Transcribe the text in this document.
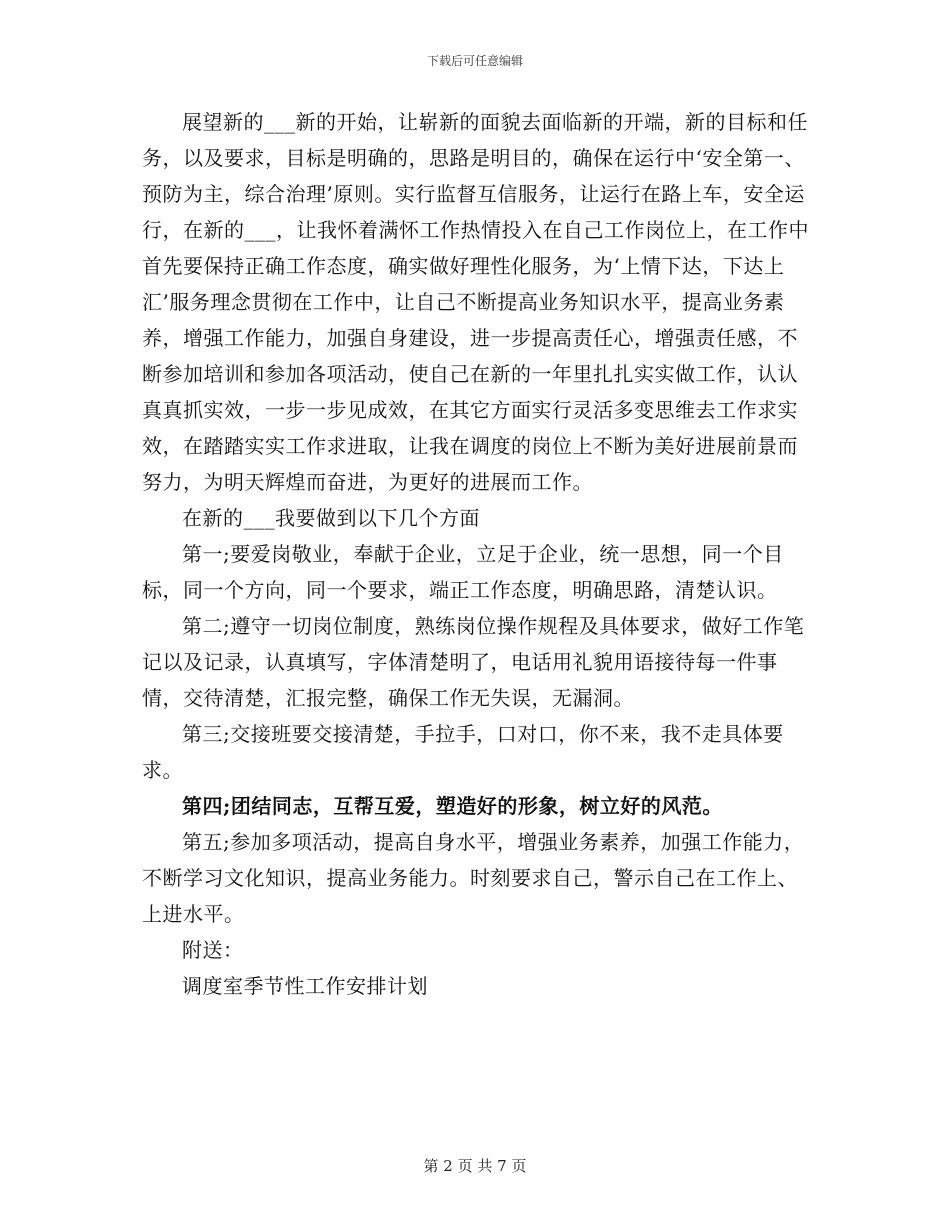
下载后可任意编辑

展望新的___新的开始，让崭新的面貌去面临新的开端，新的目标和任务，以及要求，目标是明确的，思路是明目的，确保在运行中‘安全第一、预防为主，综合治理’原则。实行监督互信服务，让运行在路上车，安全运行，在新的___，让我怀着满怀工作热情投入在自己工作岗位上，在工作中首先要保持正确工作态度，确实做好理性化服务，为‘上情下达，下达上汇’服务理念贯彻在工作中，让自己不断提高业务知识水平，提高业务素养，增强工作能力，加强自身建设，进一步提高责任心，增强责任感，不断参加培训和参加各项活动，使自己在新的一年里扎扎实实做工作，认认真真抓实效，一步一步见成效，在其它方面实行灵活多变思维去工作求实效，在踏踏实实工作求进取，让我在调度的岗位上不断为美好进展前景而努力，为明天辉煌而奋进，为更好的进展而工作。

在新的___我要做到以下几个方面

第一;要爱岗敬业，奉献于企业，立足于企业，统一思想，同一个目标，同一个方向，同一个要求，端正工作态度，明确思路，清楚认识。

第二;遵守一切岗位制度，熟练岗位操作规程及具体要求，做好工作笔记以及记录，认真填写，字体清楚明了，电话用礼貌用语接待每一件事情，交待清楚，汇报完整，确保工作无失误，无漏洞。

第三;交接班要交接清楚，手拉手，口对口，你不来，我不走具体要求。

第四;团结同志，互帮互爱，塑造好的形象，树立好的风范。

第五;参加多项活动，提高自身水平，增强业务素养，加强工作能力，不断学习文化知识，提高业务能力。时刻要求自己，警示自己在工作上、上进水平。

附送：

调度室季节性工作安排计划

第 2 页 共 7 页
